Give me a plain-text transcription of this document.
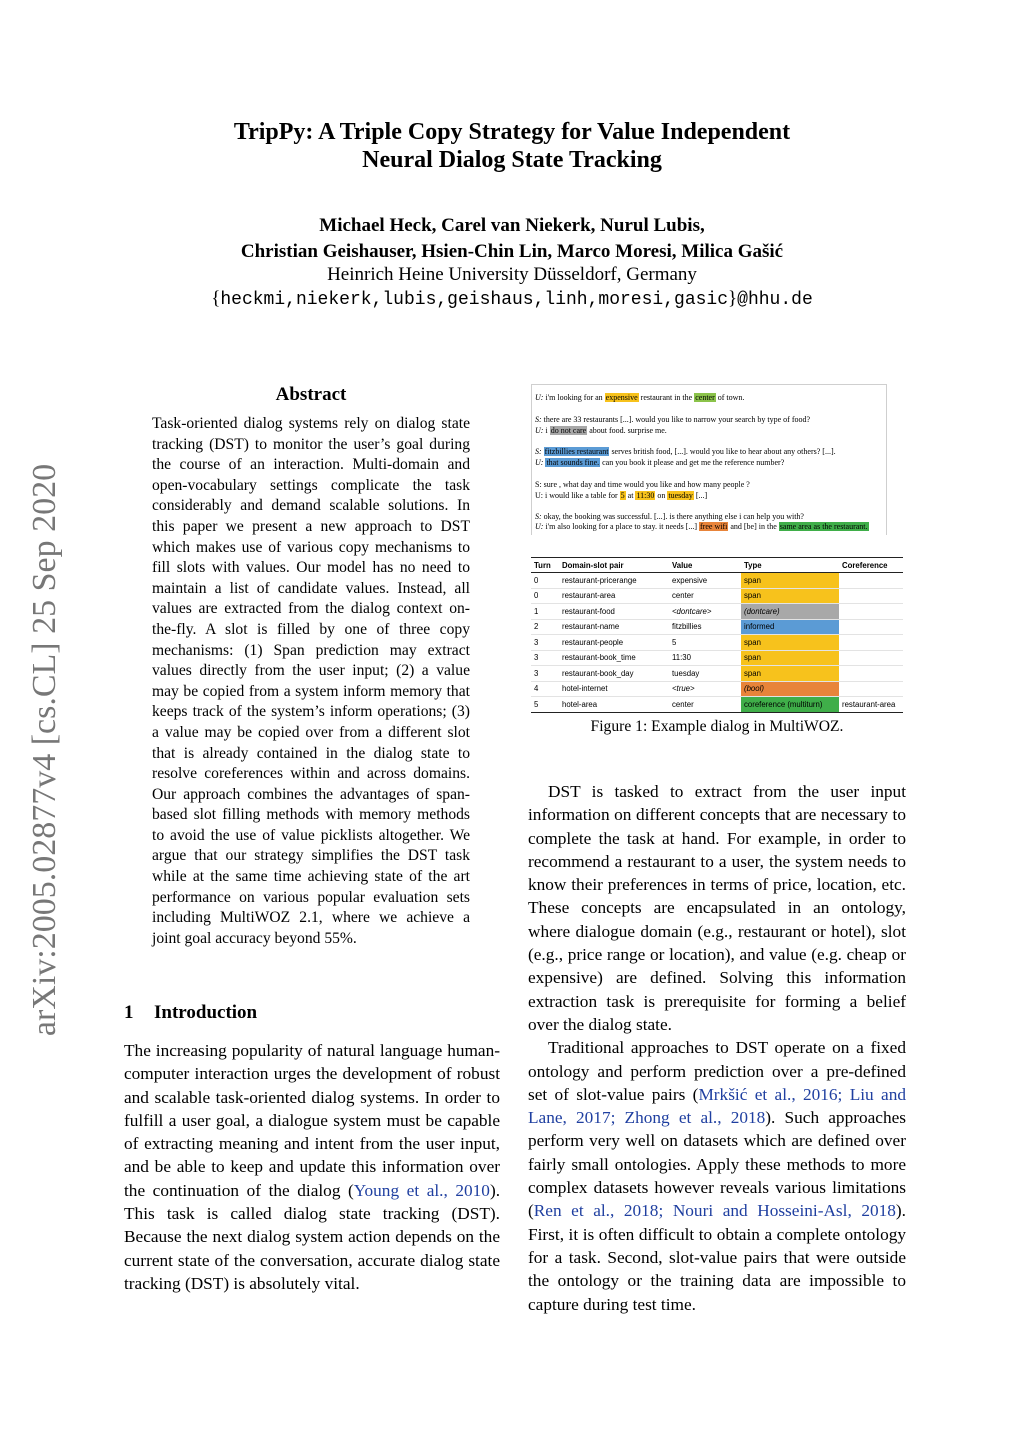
arXiv:2005.02877v4 [cs.CL] 25 Sep 2020
TripPy: A Triple Copy Strategy for Value Independent
Neural Dialog State Tracking
Michael Heck, Carel van Niekerk, Nurul Lubis,
Christian Geishauser, Hsien-Chin Lin, Marco Moresi, Milica Gašić
Heinrich Heine University Düsseldorf, Germany
{heckmi,niekerk,lubis,geishaus,linh,moresi,gasic}@hhu.de
Abstract
Task-oriented dialog systems rely on dialog state tracking (DST) to monitor the user’s goal during the course of an interaction. Multi-domain and open-vocabulary settings complicate the task considerably and demand scalable solutions. In this paper we present a new approach to DST which makes use of various copy mechanisms to fill slots with values. Our model has no need to maintain a list of candidate values. Instead, all values are extracted from the dialog context on-the-fly. A slot is filled by one of three copy mechanisms: (1) Span prediction may extract values directly from the user input; (2) a value may be copied from a system inform memory that keeps track of the system’s inform operations; (3) a value may be copied over from a different slot that is already contained in the dialog state to resolve coreferences within and across domains. Our approach combines the advantages of span-based slot filling methods with memory methods to avoid the use of value picklists altogether. We argue that our strategy simplifies the DST task while at the same time achieving state of the art performance on various popular evaluation sets including MultiWOZ 2.1, where we achieve a joint goal accuracy beyond 55%.
1 Introduction

The increasing popularity of natural language human-computer interaction urges the development of robust and scalable task-oriented dialog systems. In order to fulfill a user goal, a dialogue system must be capable of extracting meaning and intent from the user input, and be able to keep and update this information over the continuation of the dialog (Young et al., 2010). This task is called dialog state tracking (DST). Because the next dialog system action depends on the current state of the conversation, accurate dialog state tracking (DST) is absolutely vital.

U: i'm looking for an expensive restaurant in the center of town.
S: there are 33 restaurants [...]. would you like to narrow your search by type of food?
U: i do not care about food. surprise me.
S: fitzbillies restaurant serves british food, [...]. would you like to hear about any others? [...].
U: that sounds fine. can you book it please and get me the reference number?
S: sure , what day and time would you like and how many people ?
U: i would like a table for 5 at 11:30 on tuesday [...]
S: okay, the booking was successful. [...]. is there anything else i can help you with?
U: i'm also looking for a place to stay. it needs [...] free wifi and [be] in the same area as the restaurant.
Turn	Domain-slot pair	Value	Type	Coreference
0	restaurant-pricerange	expensive	span	
0	restaurant-area	center	span	
1	restaurant-food	<dontcare>	(dontcare)	
2	restaurant-name	fitzbillies	informed	
3	restaurant-people	5	span	
3	restaurant-book_time	11:30	span	
3	restaurant-book_day	tuesday	span	
4	hotel-internet	<true>	(bool)	
5	hotel-area	center	coreference (multiturn)	restaurant-area
Figure 1: Example dialog in MultiWOZ.

DST is tasked to extract from the user input information on different concepts that are necessary to complete the task at hand. For example, in order to recommend a restaurant to a user, the system needs to know their preferences in terms of price, location, etc. These concepts are encapsulated in an ontology, where dialogue domain (e.g., restaurant or hotel), slot (e.g., price range or location), and value (e.g. cheap or expensive) are defined. Solving this information extraction task is prerequisite for forming a belief over the dialog state.

Traditional approaches to DST operate on a fixed ontology and perform prediction over a pre-defined set of slot-value pairs (Mrkšić et al., 2016; Liu and Lane, 2017; Zhong et al., 2018). Such approaches perform very well on datasets which are defined over fairly small ontologies. Apply these methods to more complex datasets however reveals various limitations (Ren et al., 2018; Nouri and Hosseini-Asl, 2018). First, it is often difficult to obtain a complete ontology for a task. Second, slot-value pairs that were outside the ontology or the training data are impossible to capture during test time.
